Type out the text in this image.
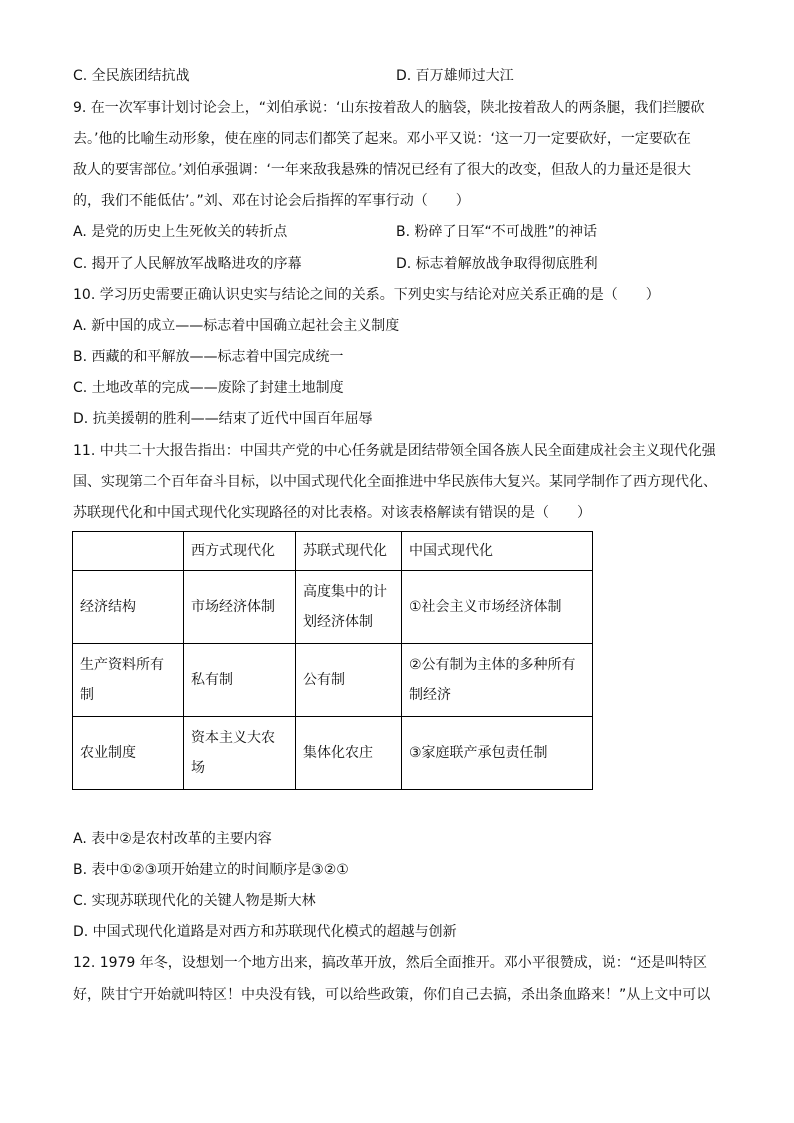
C. 全民族团结抗战	D. 百万雄师过大江
9. 在一次军事计划讨论会上，“刘伯承说：‘山东按着敌人的脑袋，陕北按着敌人的两条腿，我们拦腰砍
去。’他的比喻生动形象，使在座的同志们都笑了起来。邓小平又说：‘这一刀一定要砍好，一定要砍在
敌人的要害部位。’刘伯承强调：‘一年来敌我悬殊的情况已经有了很大的改变，但敌人的力量还是很大
的，我们不能低估’。”刘、邓在讨论会后指挥的军事行动（　　）
A. 是党的历史上生死攸关的转折点	B. 粉碎了日军“不可战胜”的神话
C. 揭开了人民解放军战略进攻的序幕	D. 标志着解放战争取得彻底胜利
10. 学习历史需要正确认识史实与结论之间的关系。下列史实与结论对应关系正确的是（　　）
A. 新中国的成立——标志着中国确立起社会主义制度
B. 西藏的和平解放——标志着中国完成统一
C. 土地改革的完成——废除了封建土地制度
D. 抗美援朝的胜利——结束了近代中国百年屈辱
11. 中共二十大报告指出：中国共产党的中心任务就是团结带领全国各族人民全面建成社会主义现代化强
国、实现第二个百年奋斗目标，以中国式现代化全面推进中华民族伟大复兴。某同学制作了西方现代化、
苏联现代化和中国式现代化实现路径的对比表格。对该表格解读有错误的是（　　）
	西方式现代化	苏联式现代化	中国式现代化
经济结构	市场经济体制	高度集中的计划经济体制	①社会主义市场经济体制
生产资料所有制	私有制	公有制	②公有制为主体的多种所有制经济
农业制度	资本主义大农场	集体化农庄	③家庭联产承包责任制
A. 表中②是农村改革的主要内容
B. 表中①②③项开始建立的时间顺序是③②①
C. 实现苏联现代化的关键人物是斯大林
D. 中国式现代化道路是对西方和苏联现代化模式的超越与创新
12. 1979 年冬，设想划一个地方出来，搞改革开放，然后全面推开。邓小平很赞成，说：“还是叫特区
好，陕甘宁开始就叫特区！中央没有钱，可以给些政策，你们自己去搞，杀出条血路来！”从上文中可以
